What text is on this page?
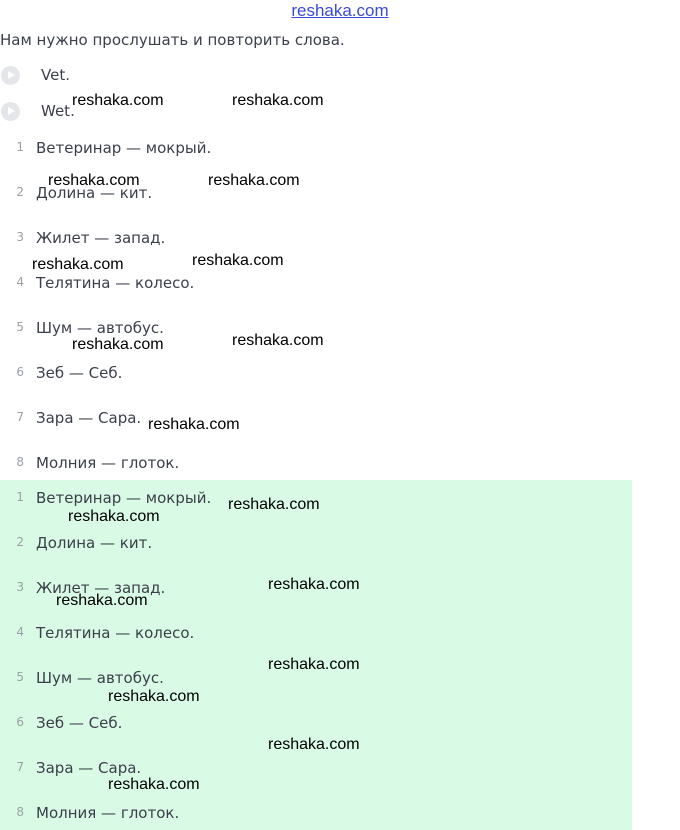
reshaka.com
Нам нужно прослушать и повторить слова.
Vet.
Wet.
1 Ветеринар — мокрый.
2 Долина — кит.
3 Жилет — запад.
4 Телятина — колесо.
5 Шум — автобус.
6 Зеб — Себ.
7 Зара — Сара.
8 Молния — глоток.
1 Ветеринар — мокрый.
2 Долина — кит.
3 Жилет — запад.
4 Телятина — колесо.
5 Шум — автобус.
6 Зеб — Себ.
7 Зара — Сара.
8 Молния — глоток.
reshaka.com	reshaka.com
reshaka.com	reshaka.com
reshaka.com	reshaka.com
reshaka.com	reshaka.com
reshaka.com
reshaka.com
reshaka.com
reshaka.com
reshaka.com
reshaka.com
reshaka.com
reshaka.com
reshaka.com
